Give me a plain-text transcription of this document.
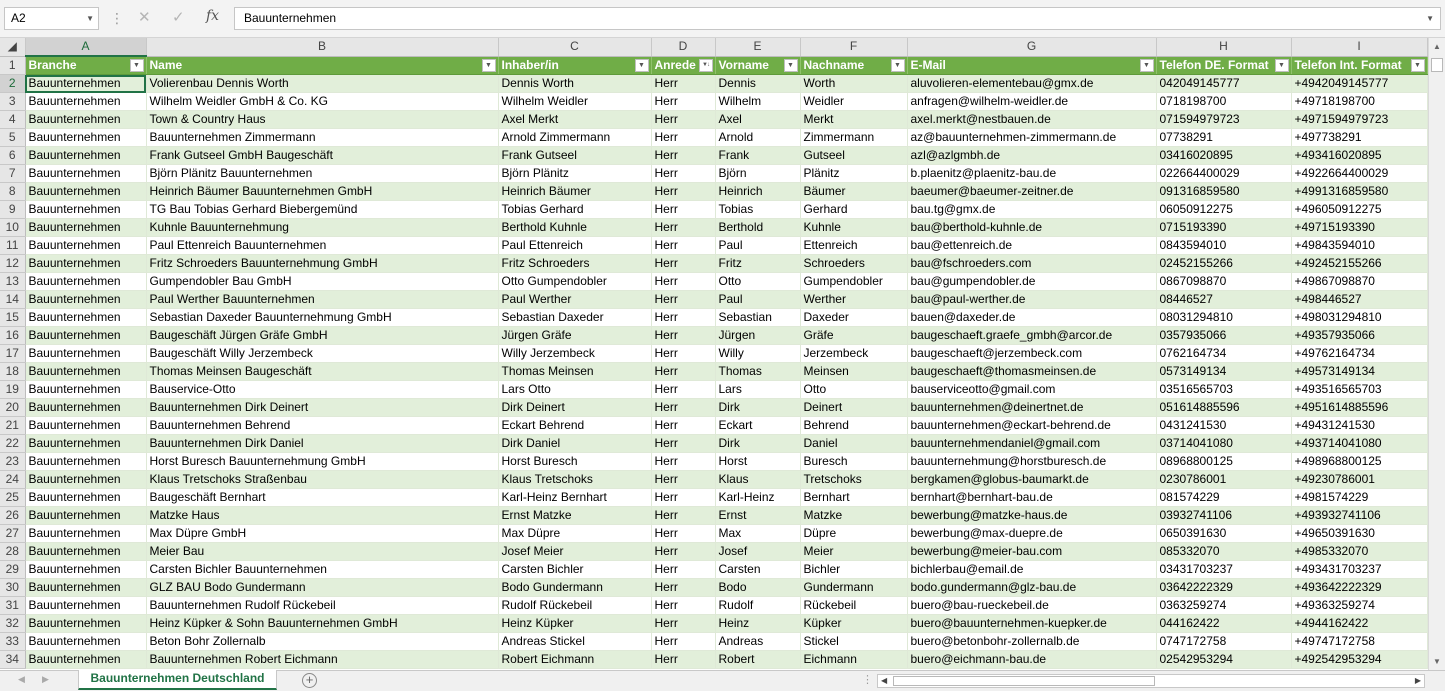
A2	▼ ⋮ ✕ ✓ fx	Bauunternehmen	▼
◢	A	B	C	D	E	F	G	H	I
1	Branche ▼	Name ▼	Inhaber/in ▼	Anrede ▼↓	Vorname ▼	Nachname ▼	E-Mail ▼	Telefon DE. Format ▼	Telefon Int. Format ▼

2	Bauunternehmen	Volierenbau Dennis Worth	Dennis Worth	Herr	Dennis	Worth	aluvolieren-elementebau@gmx.de	042049145777	+4942049145777
3	Bauunternehmen	Wilhelm Weidler GmbH & Co. KG	Wilhelm Weidler	Herr	Wilhelm	Weidler	anfragen@wilhelm-weidler.de	0718198700	+49718198700
4	Bauunternehmen	Town & Country Haus	Axel Merkt	Herr	Axel	Merkt	axel.merkt@nestbauen.de	071594979723	+4971594979723
5	Bauunternehmen	Bauunternehmen Zimmermann	Arnold Zimmermann	Herr	Arnold	Zimmermann	az@bauunternehmen-zimmermann.de	07738291	+497738291
6	Bauunternehmen	Frank Gutseel GmbH Baugeschäft	Frank Gutseel	Herr	Frank	Gutseel	azl@azlgmbh.de	03416020895	+493416020895
7	Bauunternehmen	Björn Plänitz Bauunternehmen	Björn Plänitz	Herr	Björn	Plänitz	b.plaenitz@plaenitz-bau.de	022664400029	+4922664400029
8	Bauunternehmen	Heinrich Bäumer Bauunternehmen GmbH	Heinrich Bäumer	Herr	Heinrich	Bäumer	baeumer@baeumer-zeitner.de	091316859580	+4991316859580
9	Bauunternehmen	TG Bau Tobias Gerhard Biebergemünd	Tobias Gerhard	Herr	Tobias	Gerhard	bau.tg@gmx.de	06050912275	+496050912275
10	Bauunternehmen	Kuhnle Bauunternehmung	Berthold Kuhnle	Herr	Berthold	Kuhnle	bau@berthold-kuhnle.de	0715193390	+49715193390
11	Bauunternehmen	Paul Ettenreich Bauunternehmen	Paul Ettenreich	Herr	Paul	Ettenreich	bau@ettenreich.de	0843594010	+49843594010
12	Bauunternehmen	Fritz Schroeders Bauunternehmung GmbH	Fritz Schroeders	Herr	Fritz	Schroeders	bau@fschroeders.com	02452155266	+492452155266
13	Bauunternehmen	Gumpendobler Bau GmbH	Otto Gumpendobler	Herr	Otto	Gumpendobler	bau@gumpendobler.de	0867098870	+49867098870
14	Bauunternehmen	Paul Werther Bauunternehmen	Paul Werther	Herr	Paul	Werther	bau@paul-werther.de	08446527	+498446527
15	Bauunternehmen	Sebastian Daxeder Bauunternehmung GmbH	Sebastian Daxeder	Herr	Sebastian	Daxeder	bauen@daxeder.de	08031294810	+498031294810
16	Bauunternehmen	Baugeschäft Jürgen Gräfe GmbH	Jürgen Gräfe	Herr	Jürgen	Gräfe	baugeschaeft.graefe_gmbh@arcor.de	0357935066	+49357935066
17	Bauunternehmen	Baugeschäft Willy Jerzembeck	Willy Jerzembeck	Herr	Willy	Jerzembeck	baugeschaeft@jerzembeck.com	0762164734	+49762164734
18	Bauunternehmen	Thomas Meinsen Baugeschäft	Thomas Meinsen	Herr	Thomas	Meinsen	baugeschaeft@thomasmeinsen.de	0573149134	+49573149134
19	Bauunternehmen	Bauservice-Otto	Lars Otto	Herr	Lars	Otto	bauserviceotto@gmail.com	03516565703	+493516565703
20	Bauunternehmen	Bauunternehmen Dirk Deinert	Dirk Deinert	Herr	Dirk	Deinert	bauunternehmen@deinertnet.de	051614885596	+4951614885596
21	Bauunternehmen	Bauunternehmen Behrend	Eckart Behrend	Herr	Eckart	Behrend	bauunternehmen@eckart-behrend.de	0431241530	+49431241530
22	Bauunternehmen	Bauunternehmen Dirk Daniel	Dirk Daniel	Herr	Dirk	Daniel	bauunternehmendaniel@gmail.com	03714041080	+493714041080
23	Bauunternehmen	Horst Buresch Bauunternehmung GmbH	Horst Buresch	Herr	Horst	Buresch	bauunternehmung@horstburesch.de	08968800125	+498968800125
24	Bauunternehmen	Klaus Tretschoks Straßenbau	Klaus Tretschoks	Herr	Klaus	Tretschoks	bergkamen@globus-baumarkt.de	0230786001	+49230786001
25	Bauunternehmen	Baugeschäft Bernhart	Karl-Heinz Bernhart	Herr	Karl-Heinz	Bernhart	bernhart@bernhart-bau.de	081574229	+4981574229
26	Bauunternehmen	Matzke Haus	Ernst Matzke	Herr	Ernst	Matzke	bewerbung@matzke-haus.de	03932741106	+493932741106
27	Bauunternehmen	Max Düpre GmbH	Max Düpre	Herr	Max	Düpre	bewerbung@max-duepre.de	0650391630	+49650391630
28	Bauunternehmen	Meier Bau	Josef Meier	Herr	Josef	Meier	bewerbung@meier-bau.com	085332070	+4985332070
29	Bauunternehmen	Carsten Bichler Bauunternehmen	Carsten Bichler	Herr	Carsten	Bichler	bichlerbau@email.de	03431703237	+493431703237
30	Bauunternehmen	GLZ BAU Bodo Gundermann	Bodo Gundermann	Herr	Bodo	Gundermann	bodo.gundermann@glz-bau.de	03642222329	+493642222329
31	Bauunternehmen	Bauunternehmen Rudolf Rückebeil	Rudolf Rückebeil	Herr	Rudolf	Rückebeil	buero@bau-rueckebeil.de	0363259274	+49363259274
32	Bauunternehmen	Heinz Küpker & Sohn Bauunternehmen GmbH	Heinz Küpker	Herr	Heinz	Küpker	buero@bauunternehmen-kuepker.de	044162422	+4944162422
33	Bauunternehmen	Beton Bohr Zollernalb	Andreas Stickel	Herr	Andreas	Stickel	buero@betonbohr-zollernalb.de	0747172758	+49747172758
34	Bauunternehmen	Bauunternehmen Robert Eichmann	Robert Eichmann	Herr	Robert	Eichmann	buero@eichmann-bau.de	02542953294	+492542953294
▲
▼
◀ ▶	Bauunternehmen Deutschland	+	⋮ ◀	▶
